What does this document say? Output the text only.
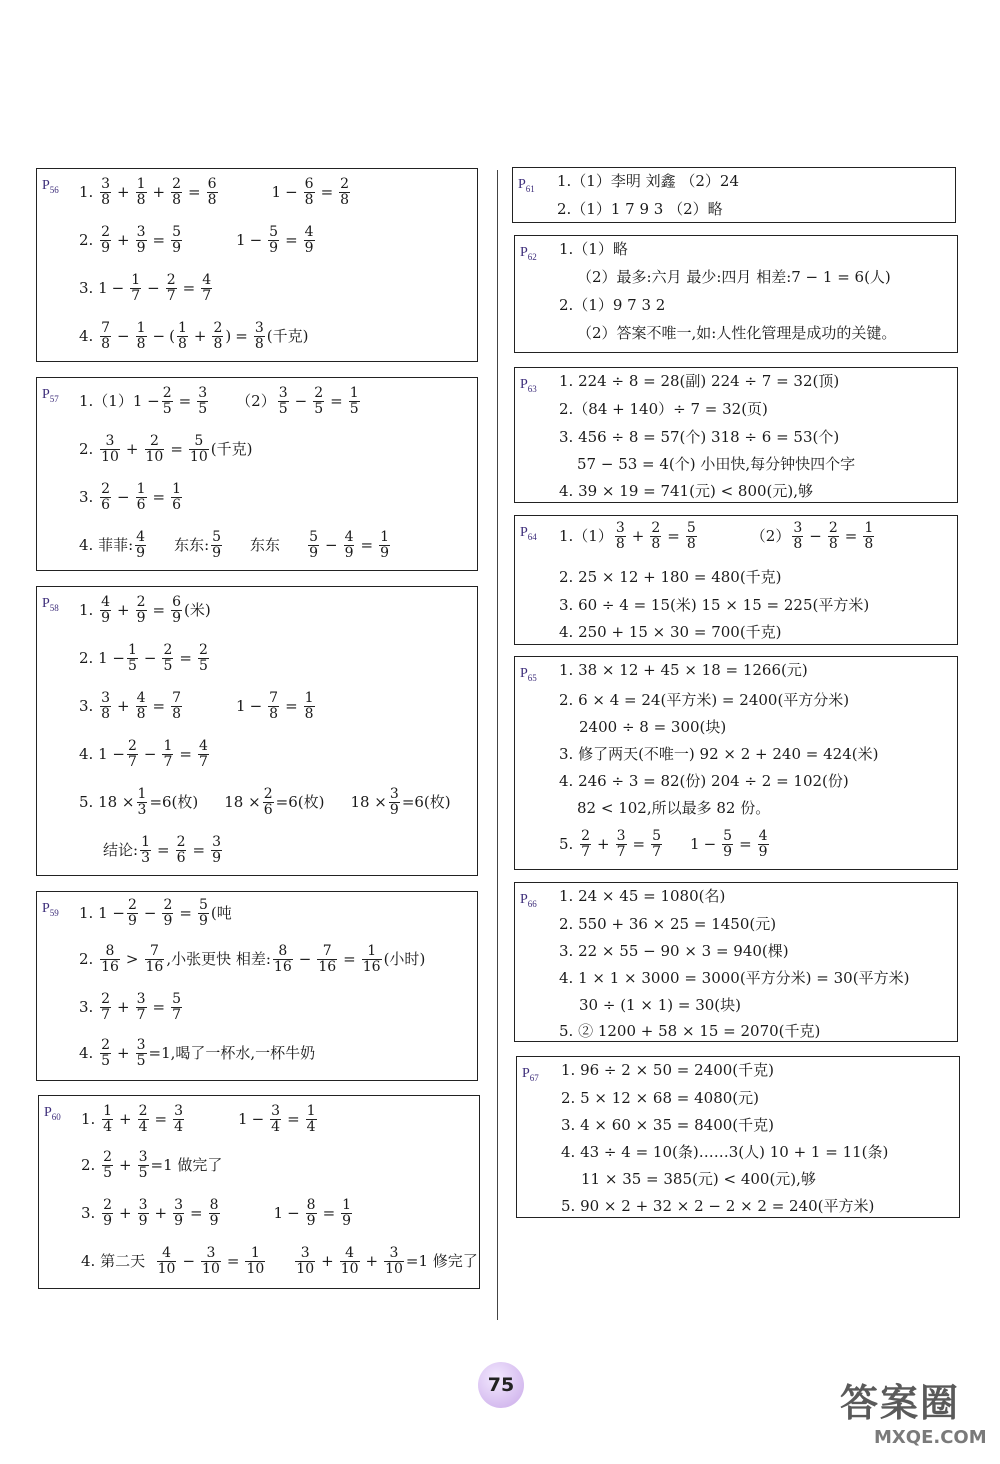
$P_{56}$ 1.
3
$8 + \frac{1}{8} + \frac{2}{8} = \frac{6}{8}$	$1 - \frac{6}{8} = \frac{2}{8}$
2.
2
$9 + \frac{3}{9} = \frac{5}{9}$	$1 - \frac{5}{9} = \frac{4}{9}$
3. $1 - \frac{1}{7} - \frac{2}{7} = \frac{4}{7}$
4.
7
$8 - \frac{1}{8}$ − ( $\frac{1}{8} + \frac{2}{8}$ ) = $\frac{3}{8}$ ( 千克 )
$P_{57}$ $1.(1)1 - \frac{2}{5} = \frac{3}{5} (2)$ 3
$5 - \frac{2}{5} = \frac{1}{5}$
2.
3
$10 + \frac{2}{10} = \frac{5}{10}$ ( 千克 )
3.
2
$6 - \frac{1}{6} = \frac{1}{6}$
4. 菲菲: 4
9 东东: 5
9 东东 5
$9 - \frac{4}{9} = \frac{1}{9}$
$P_{58}$ 1.
4
$9 + \frac{2}{9} = \frac{6}{9}$ ( 米 )
2. $1 - \frac{1}{5} - \frac{2}{5} = \frac{2}{5}$
3.
3
$8 + \frac{4}{8} = \frac{7}{8}$	$1 - \frac{7}{8} = \frac{1}{8}$
4. $1 - \frac{2}{7} - \frac{1}{7} = \frac{4}{7}$
5. $18 \times \frac{1}{3} =6$(枚) $18 \times \frac{2}{6} =6$(枚) $18 \times \frac{3}{9} =6$(枚)
结论: $\frac{1}{3} = \frac{2}{6} = \frac{3}{9}$
$P_{59}$ 1. $1 - \frac{2}{9} - \frac{2}{9} = \frac{5}{9}$ ( 吨
2.
8
16 > 7
16 ,小张更快 相差: 8
$16 - \frac{7}{16} = \frac{1}{16}$ ( 小时 )
3.
2
$7 + \frac{3}{7} = \frac{5}{7}$
4.
2
$5 + \frac{3}{5} =1$,喝了一杯水,一杯牛奶
$P_{60}$ 1.
1
$4 + \frac{2}{4} = \frac{3}{4}$	$1 - \frac{3}{4} = \frac{1}{4}$
2.
2
$5 + \frac{3}{5} =1$ 做完了
3.
2
$9 + \frac{3}{9} + \frac{3}{9} = \frac{8}{9}$	$1 - \frac{8}{9} = \frac{1}{9}$
4. 第二天
4
$10 - \frac{3}{10} = \frac{1}{10}$	3
$10 + \frac{4}{10} + \frac{3}{10} =1$ 修完了
$P_{61}$ 1.（1）李明 刘鑫 （2）24
2.（1）1 7 9 3 （2）略
$P_{62}$ 1.（1）略
（2）最多:六月 最少:四月 相差:7 − 1 = 6(人)
2.（1）9 7 3 2
（2）答案不唯一,如:人性化管理是成功的关键。
$P_{63}$ 1. 224 ÷ 8 = 28(副) 224 ÷ 7 = 32(顶)
2.（84 + 140）÷ 7 = 32(页)
3. 456 ÷ 8 = 57(个) 318 ÷ 6 = 53(个)
57 − 53 = 4(个) 小田快,每分钟快四个字
4. 39 × 19 = 741(元) < 800(元),够
$P_{64}$ 1.（1） 3
$8 + \frac{2}{8} = \frac{5}{8}$	（2） 3
$8 - \frac{2}{8} = \frac{1}{8}$
2. 25 × 12 + 180 = 480(千克)
3. 60 ÷ 4 = 15(米) 15 × 15 = 225(平方米)
4. 250 + 15 × 30 = 700(千克)
$P_{65}$ 1. 38 × 12 + 45 × 18 = 1266(元)
2. 6 × 4 = 24(平方米) = 2400(平方分米)
2400 ÷ 8 = 300(块)
3. 修了两天(不唯一) 92 × 2 + 240 = 424(米)
4. 246 ÷ 3 = 82(份) 204 ÷ 2 = 102(份)
82 < 102,所以最多 82 份。
5.
2
$7 + \frac{3}{7} = \frac{5}{7} 1 - \frac{5}{9} = \frac{4}{9}$
$P_{66}$ 1. 24 × 45 = 1080(名)
2. 550 + 36 × 25 = 1450(元)
3. 22 × 55 − 90 × 3 = 940(棵)
4. 1 × 1 × 3000 = 3000(平方分米) = 30(平方米)
30 ÷ (1 × 1) = 30(块)
5. ② 1200 + 58 × 15 = 2070(千克)
$P_{67}$ 1. 96 ÷ 2 × 50 = 2400(千克)
2. 5 × 12 × 68 = 4080(元)
3. 4 × 60 × 35 = 8400(千克)
4. 43 ÷ 4 = 10(条)……3(人) 10 + 1 = 11(条)
11 × 35 = 385(元) < 400(元),够
5. 90 × 2 + 32 × 2 − 2 × 2 = 240(平方米)
75	答案圈
MXQE.COM
